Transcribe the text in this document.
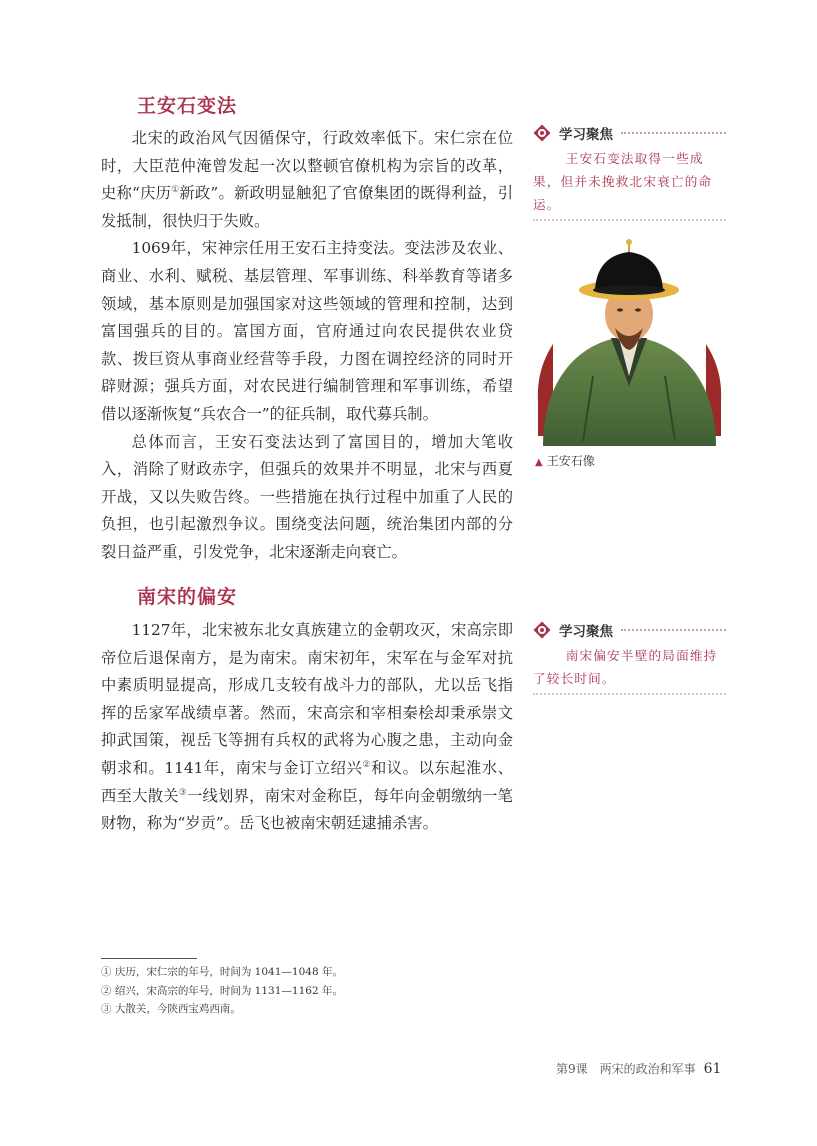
王安石变法

北宋的政治风气因循保守，行政效率低下。宋仁宗在位时，大臣范仲淹曾发起一次以整顿官僚机构为宗旨的改革，史称“庆历①新政”。新政明显触犯了官僚集团的既得利益，引发抵制，很快归于失败。

1069年，宋神宗任用王安石主持变法。变法涉及农业、商业、水利、赋税、基层管理、军事训练、科举教育等诸多领域，基本原则是加强国家对这些领域的管理和控制，达到富国强兵的目的。富国方面，官府通过向农民提供农业贷款、拨巨资从事商业经营等手段，力图在调控经济的同时开辟财源；强兵方面，对农民进行编制管理和军事训练，希望借以逐渐恢复“兵农合一”的征兵制，取代募兵制。

总体而言，王安石变法达到了富国目的，增加大笔收入，消除了财政赤字，但强兵的效果并不明显，北宋与西夏开战，又以失败告终。一些措施在执行过程中加重了人民的负担，也引起激烈争议。围绕变法问题，统治集团内部的分裂日益严重，引发党争，北宋逐渐走向衰亡。

学习聚焦
王安石变法取得一些成果，但并未挽救北宋衰亡的命运。
▲ 王安石像
南宋的偏安

1127年，北宋被东北女真族建立的金朝攻灭，宋高宗即帝位后退保南方，是为南宋。南宋初年，宋军在与金军对抗中素质明显提高，形成几支较有战斗力的部队，尤以岳飞指挥的岳家军战绩卓著。然而，宋高宗和宰相秦桧却秉承崇文抑武国策，视岳飞等拥有兵权的武将为心腹之患，主动向金朝求和。1141年，南宋与金订立绍兴②和议。以东起淮水、西至大散关③一线划界，南宋对金称臣，每年向金朝缴纳一笔财物，称为“岁贡”。岳飞也被南宋朝廷逮捕杀害。

学习聚焦
南宋偏安半壁的局面维持了较长时间。
① 庆历，宋仁宗的年号，时间为 1041—1048 年。
② 绍兴，宋高宗的年号，时间为 1131—1162 年。
③ 大散关，今陕西宝鸡西南。
第9课　两宋的政治和军事 61
